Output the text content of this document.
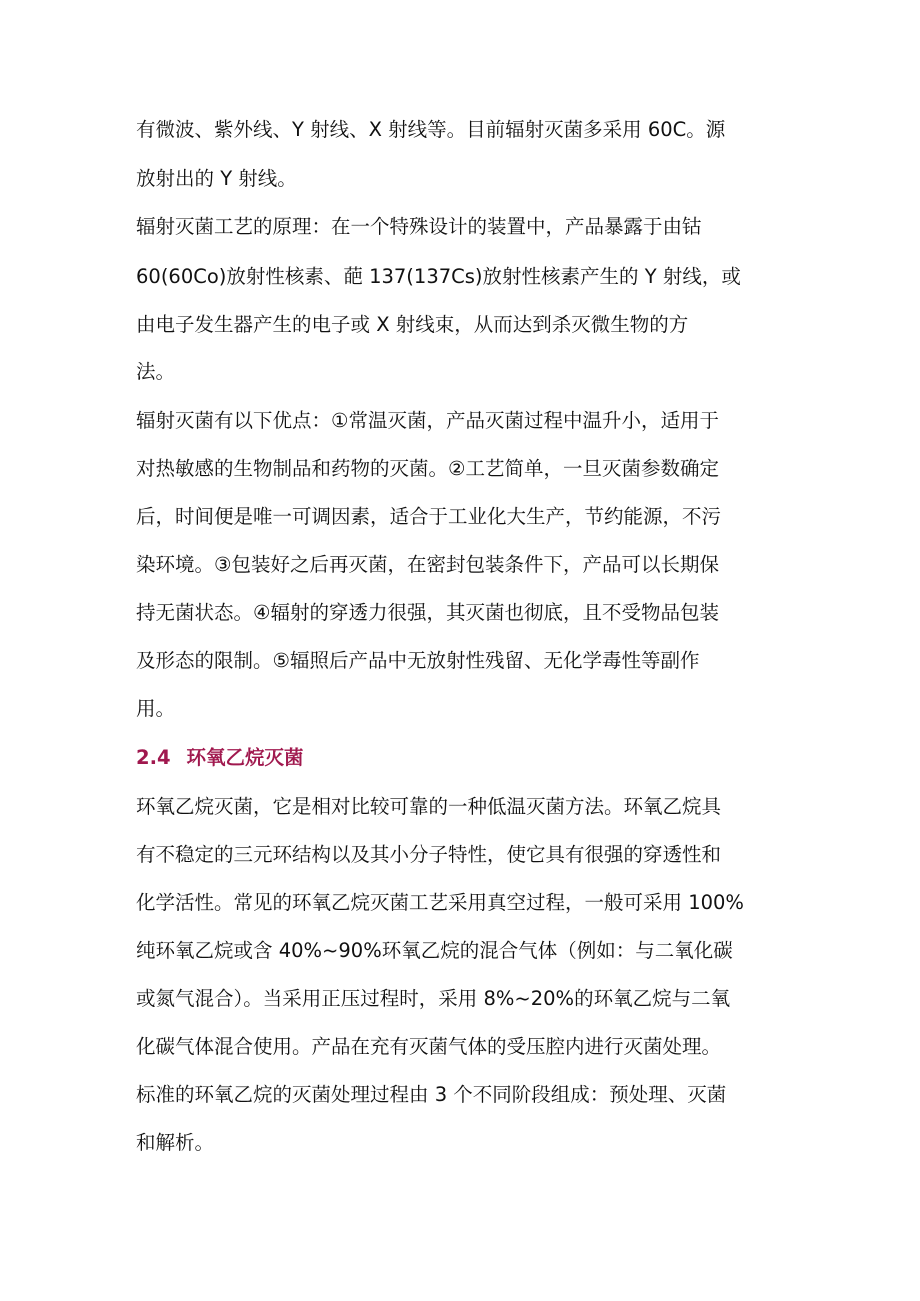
有微波、紫外线、Y 射线、X 射线等。目前辐射灭菌多采用 60C。源

放射出的 Y 射线。

辐射灭菌工艺的原理：在一个特殊设计的装置中，产品暴露于由钴

60(60Co)放射性核素、葩 137(137Cs)放射性核素产生的 Y 射线，或

由电子发生器产生的电子或 X 射线束，从而达到杀灭微生物的方

法。

辐射灭菌有以下优点：①常温灭菌，产品灭菌过程中温升小，适用于

对热敏感的生物制品和药物的灭菌。②工艺简单，一旦灭菌参数确定

后，时间便是唯一可调因素，适合于工业化大生产，节约能源，不污

染环境。③包装好之后再灭菌，在密封包装条件下，产品可以长期保

持无菌状态。④辐射的穿透力很强，其灭菌也彻底，且不受物品包装

及形态的限制。⑤辐照后产品中无放射性残留、无化学毒性等副作

用。

2.4 环氧乙烷灭菌

环氧乙烷灭菌，它是相对比较可靠的一种低温灭菌方法。环氧乙烷具

有不稳定的三元环结构以及其小分子特性，使它具有很强的穿透性和

化学活性。常见的环氧乙烷灭菌工艺采用真空过程，一般可采用 100%

纯环氧乙烷或含 40%~90%环氧乙烷的混合气体（例如：与二氧化碳

或氮气混合）。当采用正压过程时，采用 8%~20%的环氧乙烷与二氧

化碳气体混合使用。产品在充有灭菌气体的受压腔内进行灭菌处理。

标准的环氧乙烷的灭菌处理过程由 3 个不同阶段组成：预处理、灭菌

和解析。
